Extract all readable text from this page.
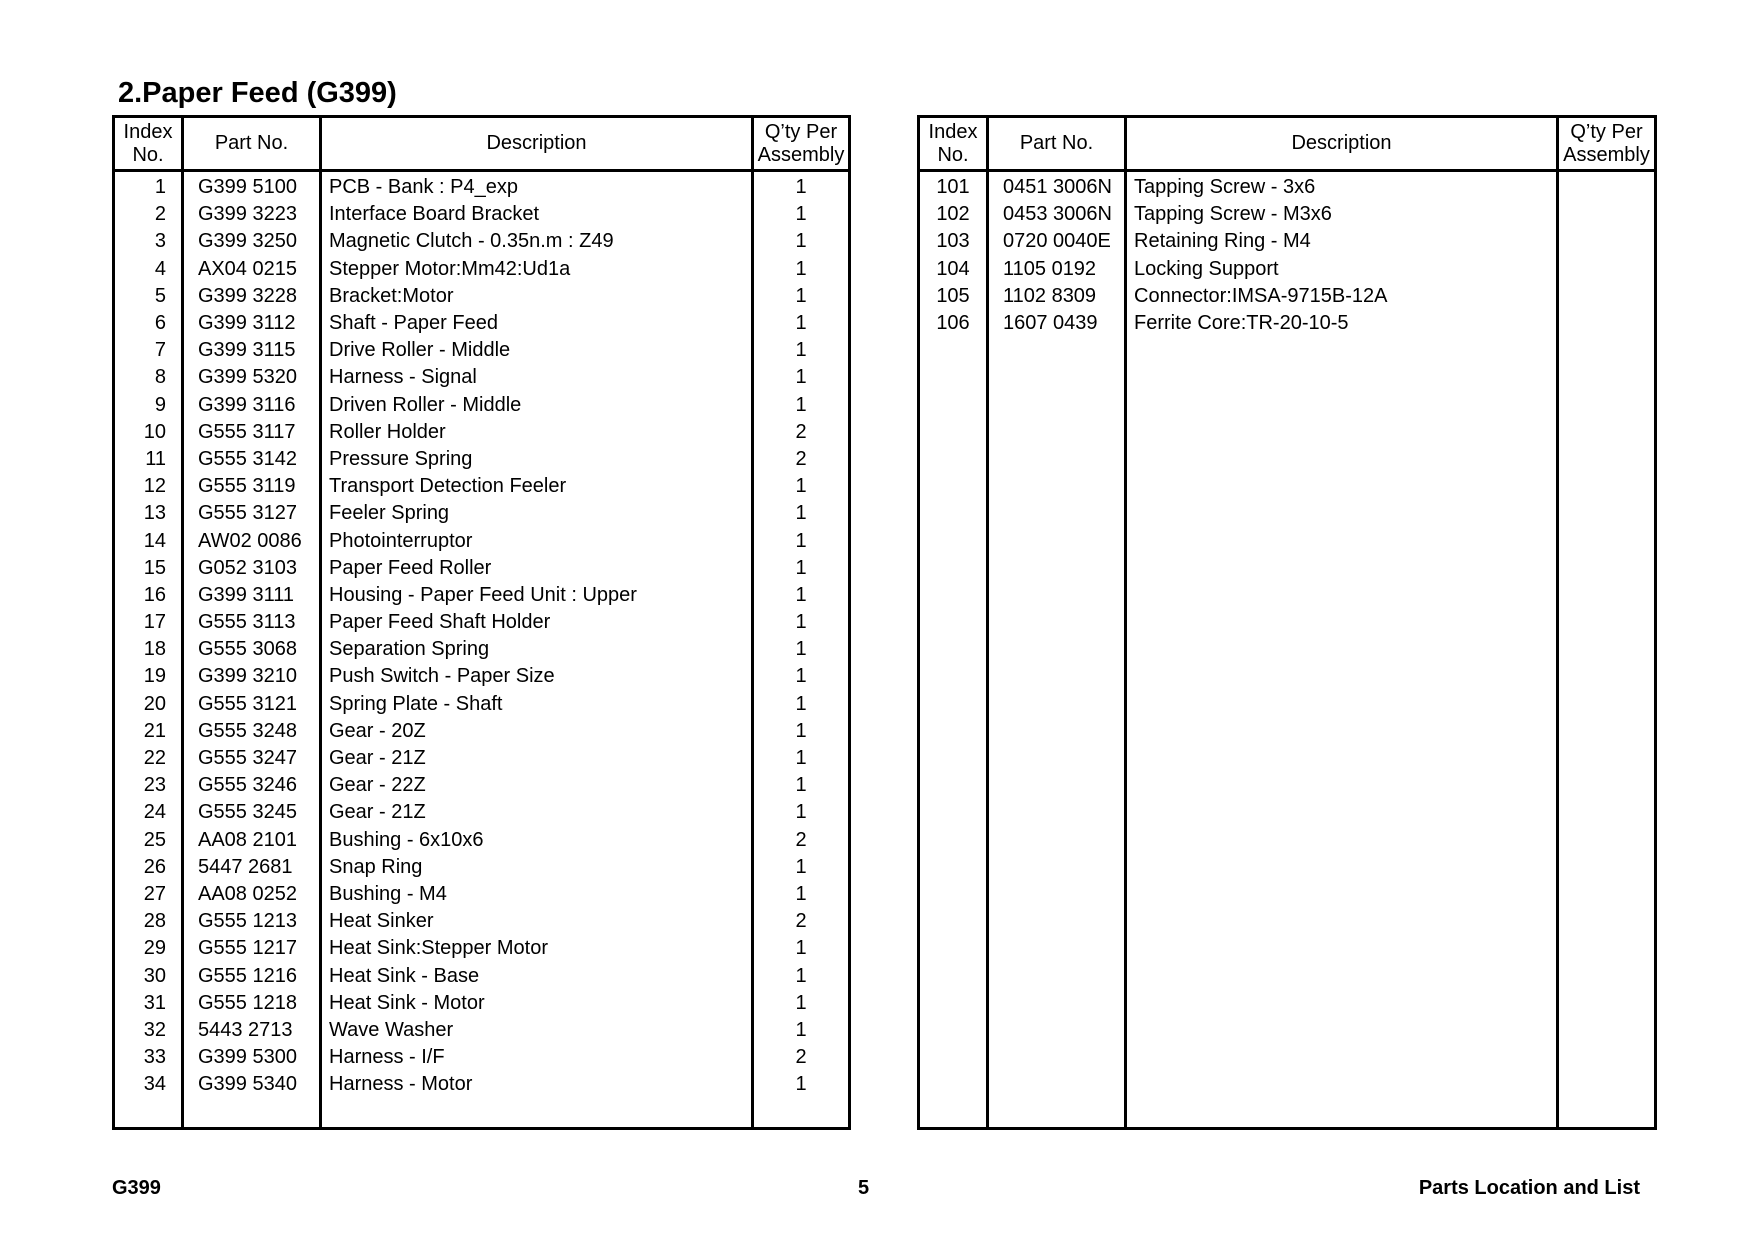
2.Paper Feed (G399)
Index
No.	Part No.	Description	Q’ty Per
Assembly
1	G399 5100	PCB - Bank : P4_exp	1
2	G399 3223	Interface Board Bracket	1
3	G399 3250	Magnetic Clutch - 0.35n.m : Z49	1
4	AX04 0215	Stepper Motor:Mm42:Ud1a	1
5	G399 3228	Bracket:Motor	1
6	G399 3112	Shaft - Paper Feed	1
7	G399 3115	Drive Roller - Middle	1
8	G399 5320	Harness - Signal	1
9	G399 3116	Driven Roller - Middle	1
10	G555 3117	Roller Holder	2
11	G555 3142	Pressure Spring	2
12	G555 3119	Transport Detection Feeler	1
13	G555 3127	Feeler Spring	1
14	AW02 0086	Photointerruptor	1
15	G052 3103	Paper Feed Roller	1
16	G399 3111	Housing - Paper Feed Unit : Upper	1
17	G555 3113	Paper Feed Shaft Holder	1
18	G555 3068	Separation Spring	1
19	G399 3210	Push Switch - Paper Size	1
20	G555 3121	Spring Plate - Shaft	1
21	G555 3248	Gear - 20Z	1
22	G555 3247	Gear - 21Z	1
23	G555 3246	Gear - 22Z	1
24	G555 3245	Gear - 21Z	1
25	AA08 2101	Bushing - 6x10x6	2
26	5447 2681	Snap Ring	1
27	AA08 0252	Bushing - M4	1
28	G555 1213	Heat Sinker	2
29	G555 1217	Heat Sink:Stepper Motor	1
30	G555 1216	Heat Sink - Base	1
31	G555 1218	Heat Sink - Motor	1
32	5443 2713	Wave Washer	1
33	G399 5300	Harness - I/F	2
34	G399 5340	Harness - Motor	1

Index
No.	Part No.	Description	Q’ty Per
Assembly
101	0451 3006N	Tapping Screw - 3x6	
102	0453 3006N	Tapping Screw - M3x6	
103	0720 0040E	Retaining Ring - M4	
104	1105 0192	Locking Support	
105	1102 8309	Connector:IMSA-9715B-12A	
106	1607 0439	Ferrite Core:TR-20-10-5	

G399	5	Parts Location and List
